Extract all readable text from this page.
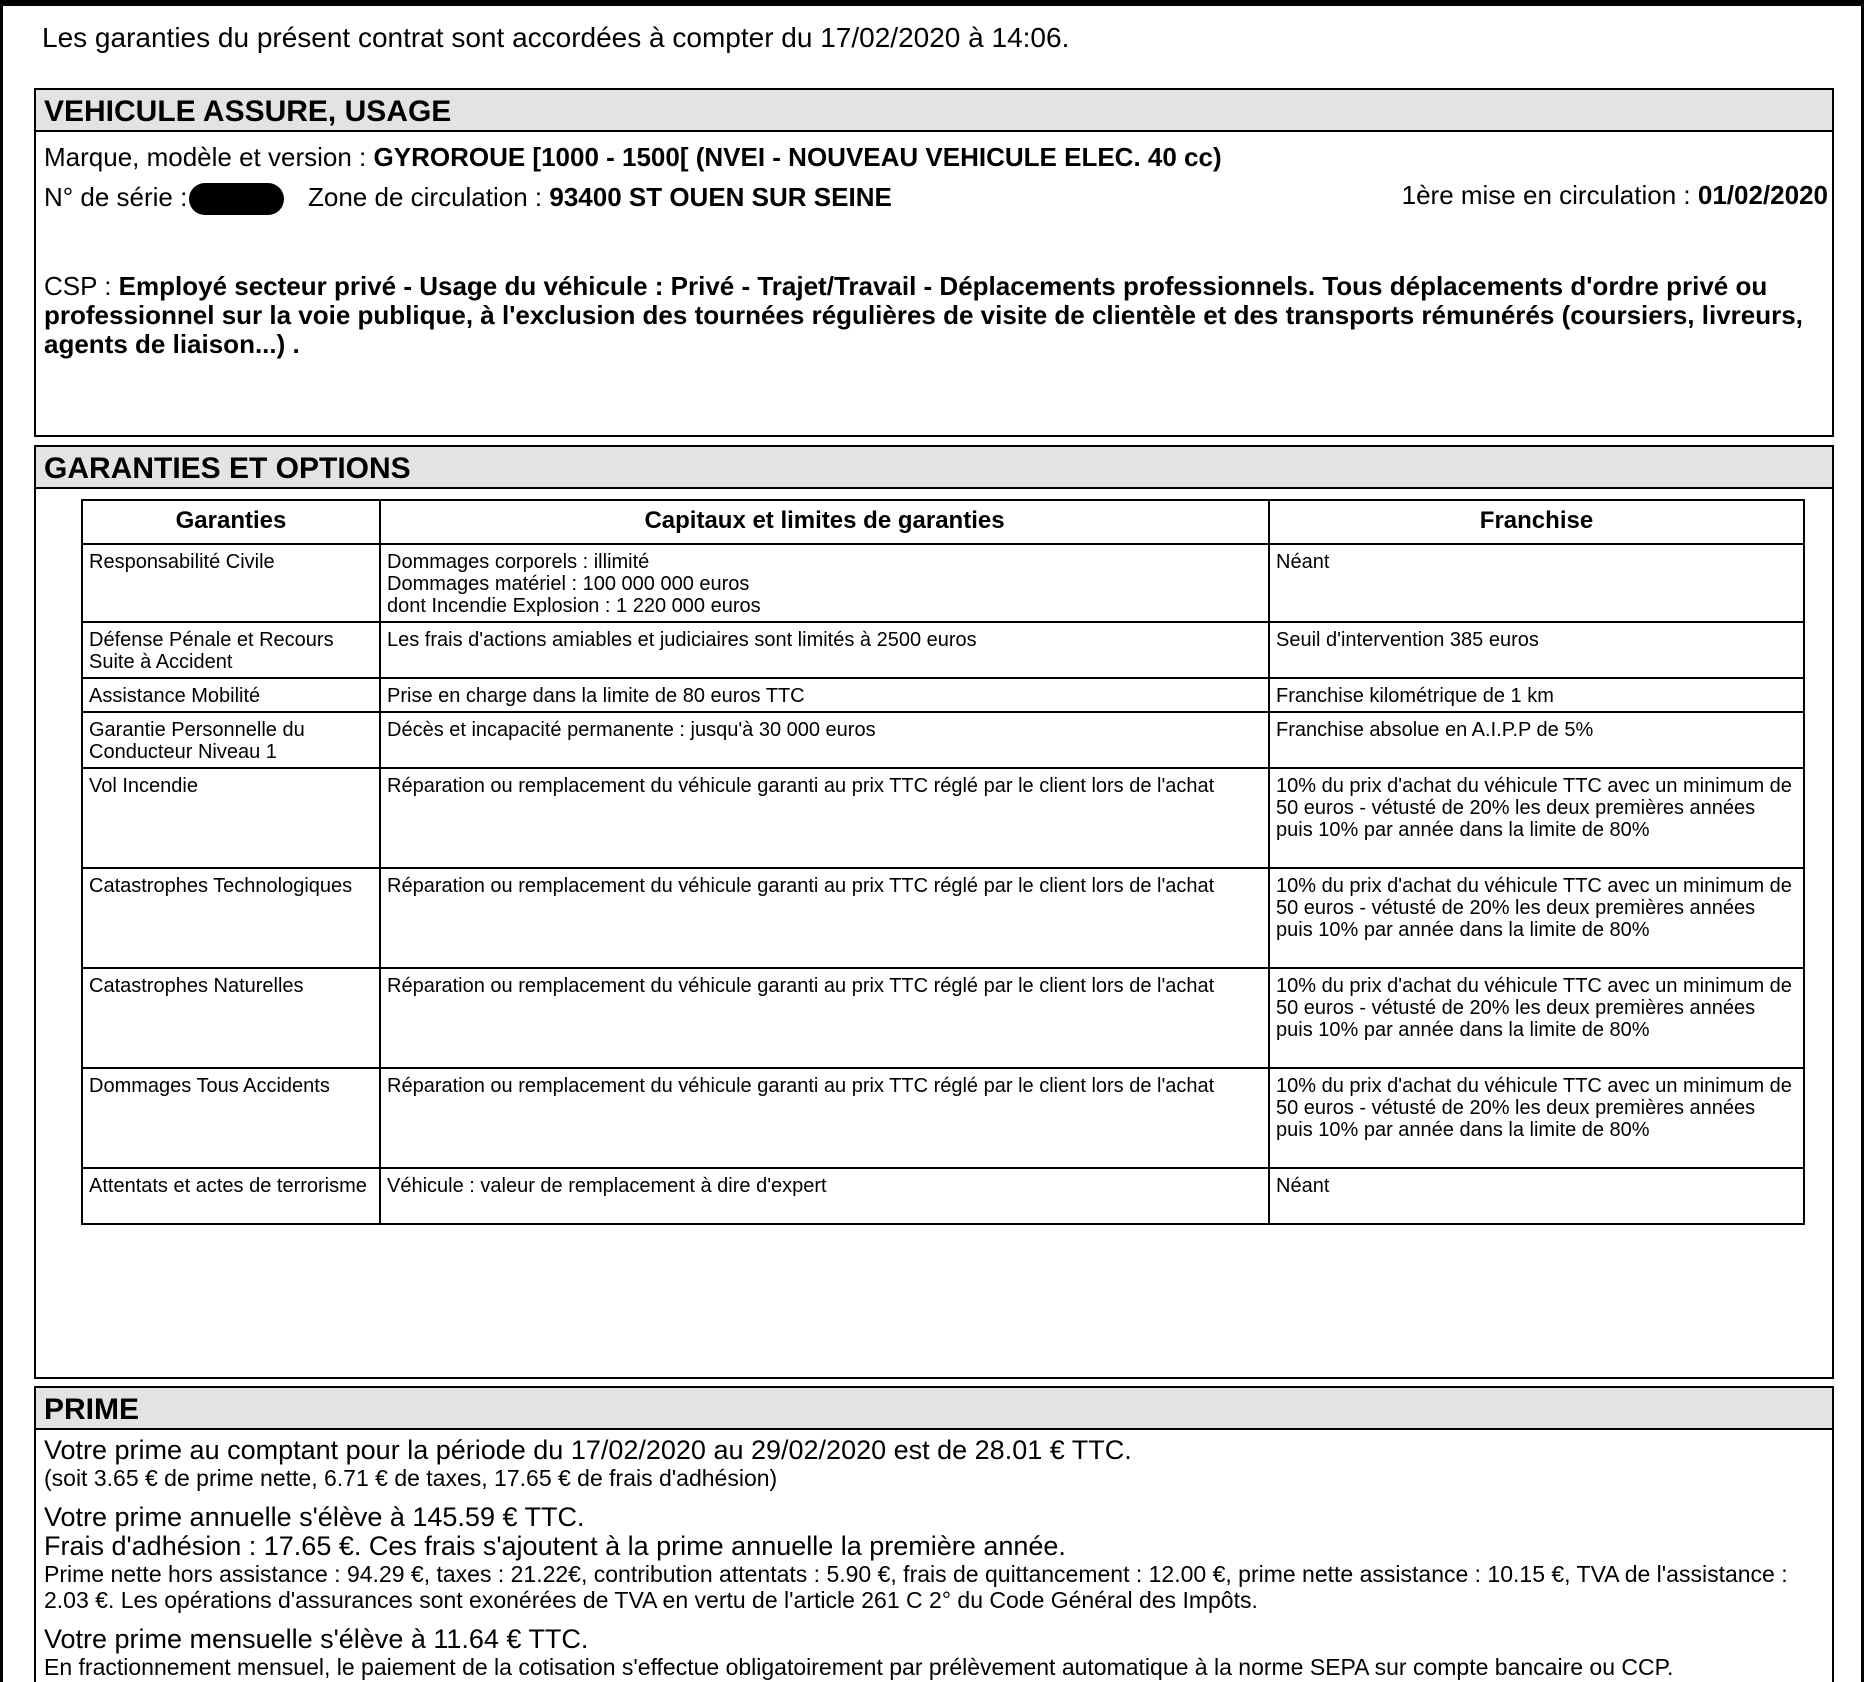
Les garanties du présent contrat sont accordées à compter du 17/02/2020 à 14:06.
VEHICULE ASSURE, USAGE
Marque, modèle et version : GYROROUE [1000 - 1500[ (NVEI - NOUVEAU VEHICULE ELEC. 40 cc)
N° de série :	Zone de circulation : 93400 ST OUEN SUR SEINE	1ère mise en circulation : 01/02/2020
CSP : Employé secteur privé - Usage du véhicule : Privé - Trajet/Travail - Déplacements professionnels. Tous déplacements d'ordre privé ou professionnel sur la voie publique, à l'exclusion des tournées régulières de visite de clientèle et des transports rémunérés (coursiers, livreurs, agents de liaison...) .
GARANTIES ET OPTIONS
Garanties	Capitaux et limites de garanties	Franchise
Responsabilité Civile	Dommages corporels : illimité
Dommages matériel : 100 000 000 euros
dont Incendie Explosion : 1 220 000 euros	Néant
Défense Pénale et Recours Suite à Accident	Les frais d'actions amiables et judiciaires sont limités à 2500 euros	Seuil d'intervention 385 euros
Assistance Mobilité	Prise en charge dans la limite de 80 euros TTC	Franchise kilométrique de 1 km
Garantie Personnelle du Conducteur Niveau 1	Décès et incapacité permanente : jusqu'à 30 000 euros	Franchise absolue en A.I.P.P de 5%
Vol Incendie	Réparation ou remplacement du véhicule garanti au prix TTC réglé par le client lors de l'achat	10% du prix d'achat du véhicule TTC avec un minimum de 50 euros - vétusté de 20% les deux premières années puis 10% par année dans la limite de 80%
Catastrophes Technologiques	Réparation ou remplacement du véhicule garanti au prix TTC réglé par le client lors de l'achat	10% du prix d'achat du véhicule TTC avec un minimum de 50 euros - vétusté de 20% les deux premières années puis 10% par année dans la limite de 80%
Catastrophes Naturelles	Réparation ou remplacement du véhicule garanti au prix TTC réglé par le client lors de l'achat	10% du prix d'achat du véhicule TTC avec un minimum de 50 euros - vétusté de 20% les deux premières années puis 10% par année dans la limite de 80%
Dommages Tous Accidents	Réparation ou remplacement du véhicule garanti au prix TTC réglé par le client lors de l'achat	10% du prix d'achat du véhicule TTC avec un minimum de 50 euros - vétusté de 20% les deux premières années puis 10% par année dans la limite de 80%
Attentats et actes de terrorisme	Véhicule : valeur de remplacement à dire d'expert	Néant
PRIME
Votre prime au comptant pour la période du 17/02/2020 au 29/02/2020 est de 28.01 € TTC.
(soit 3.65 € de prime nette, 6.71 € de taxes, 17.65 € de frais d'adhésion)
Votre prime annuelle s'élève à 145.59 € TTC.
Frais d'adhésion : 17.65 €. Ces frais s'ajoutent à la prime annuelle la première année.
Prime nette hors assistance : 94.29 €, taxes : 21.22€, contribution attentats : 5.90 €, frais de quittancement : 12.00 €, prime nette assistance : 10.15 €, TVA de l'assistance : 2.03 €. Les opérations d'assurances sont exonérées de TVA en vertu de l'article 261 C 2° du Code Général des Impôts.
Votre prime mensuelle s'élève à 11.64 € TTC.
En fractionnement mensuel, le paiement de la cotisation s'effectue obligatoirement par prélèvement automatique à la norme SEPA sur compte bancaire ou CCP.
